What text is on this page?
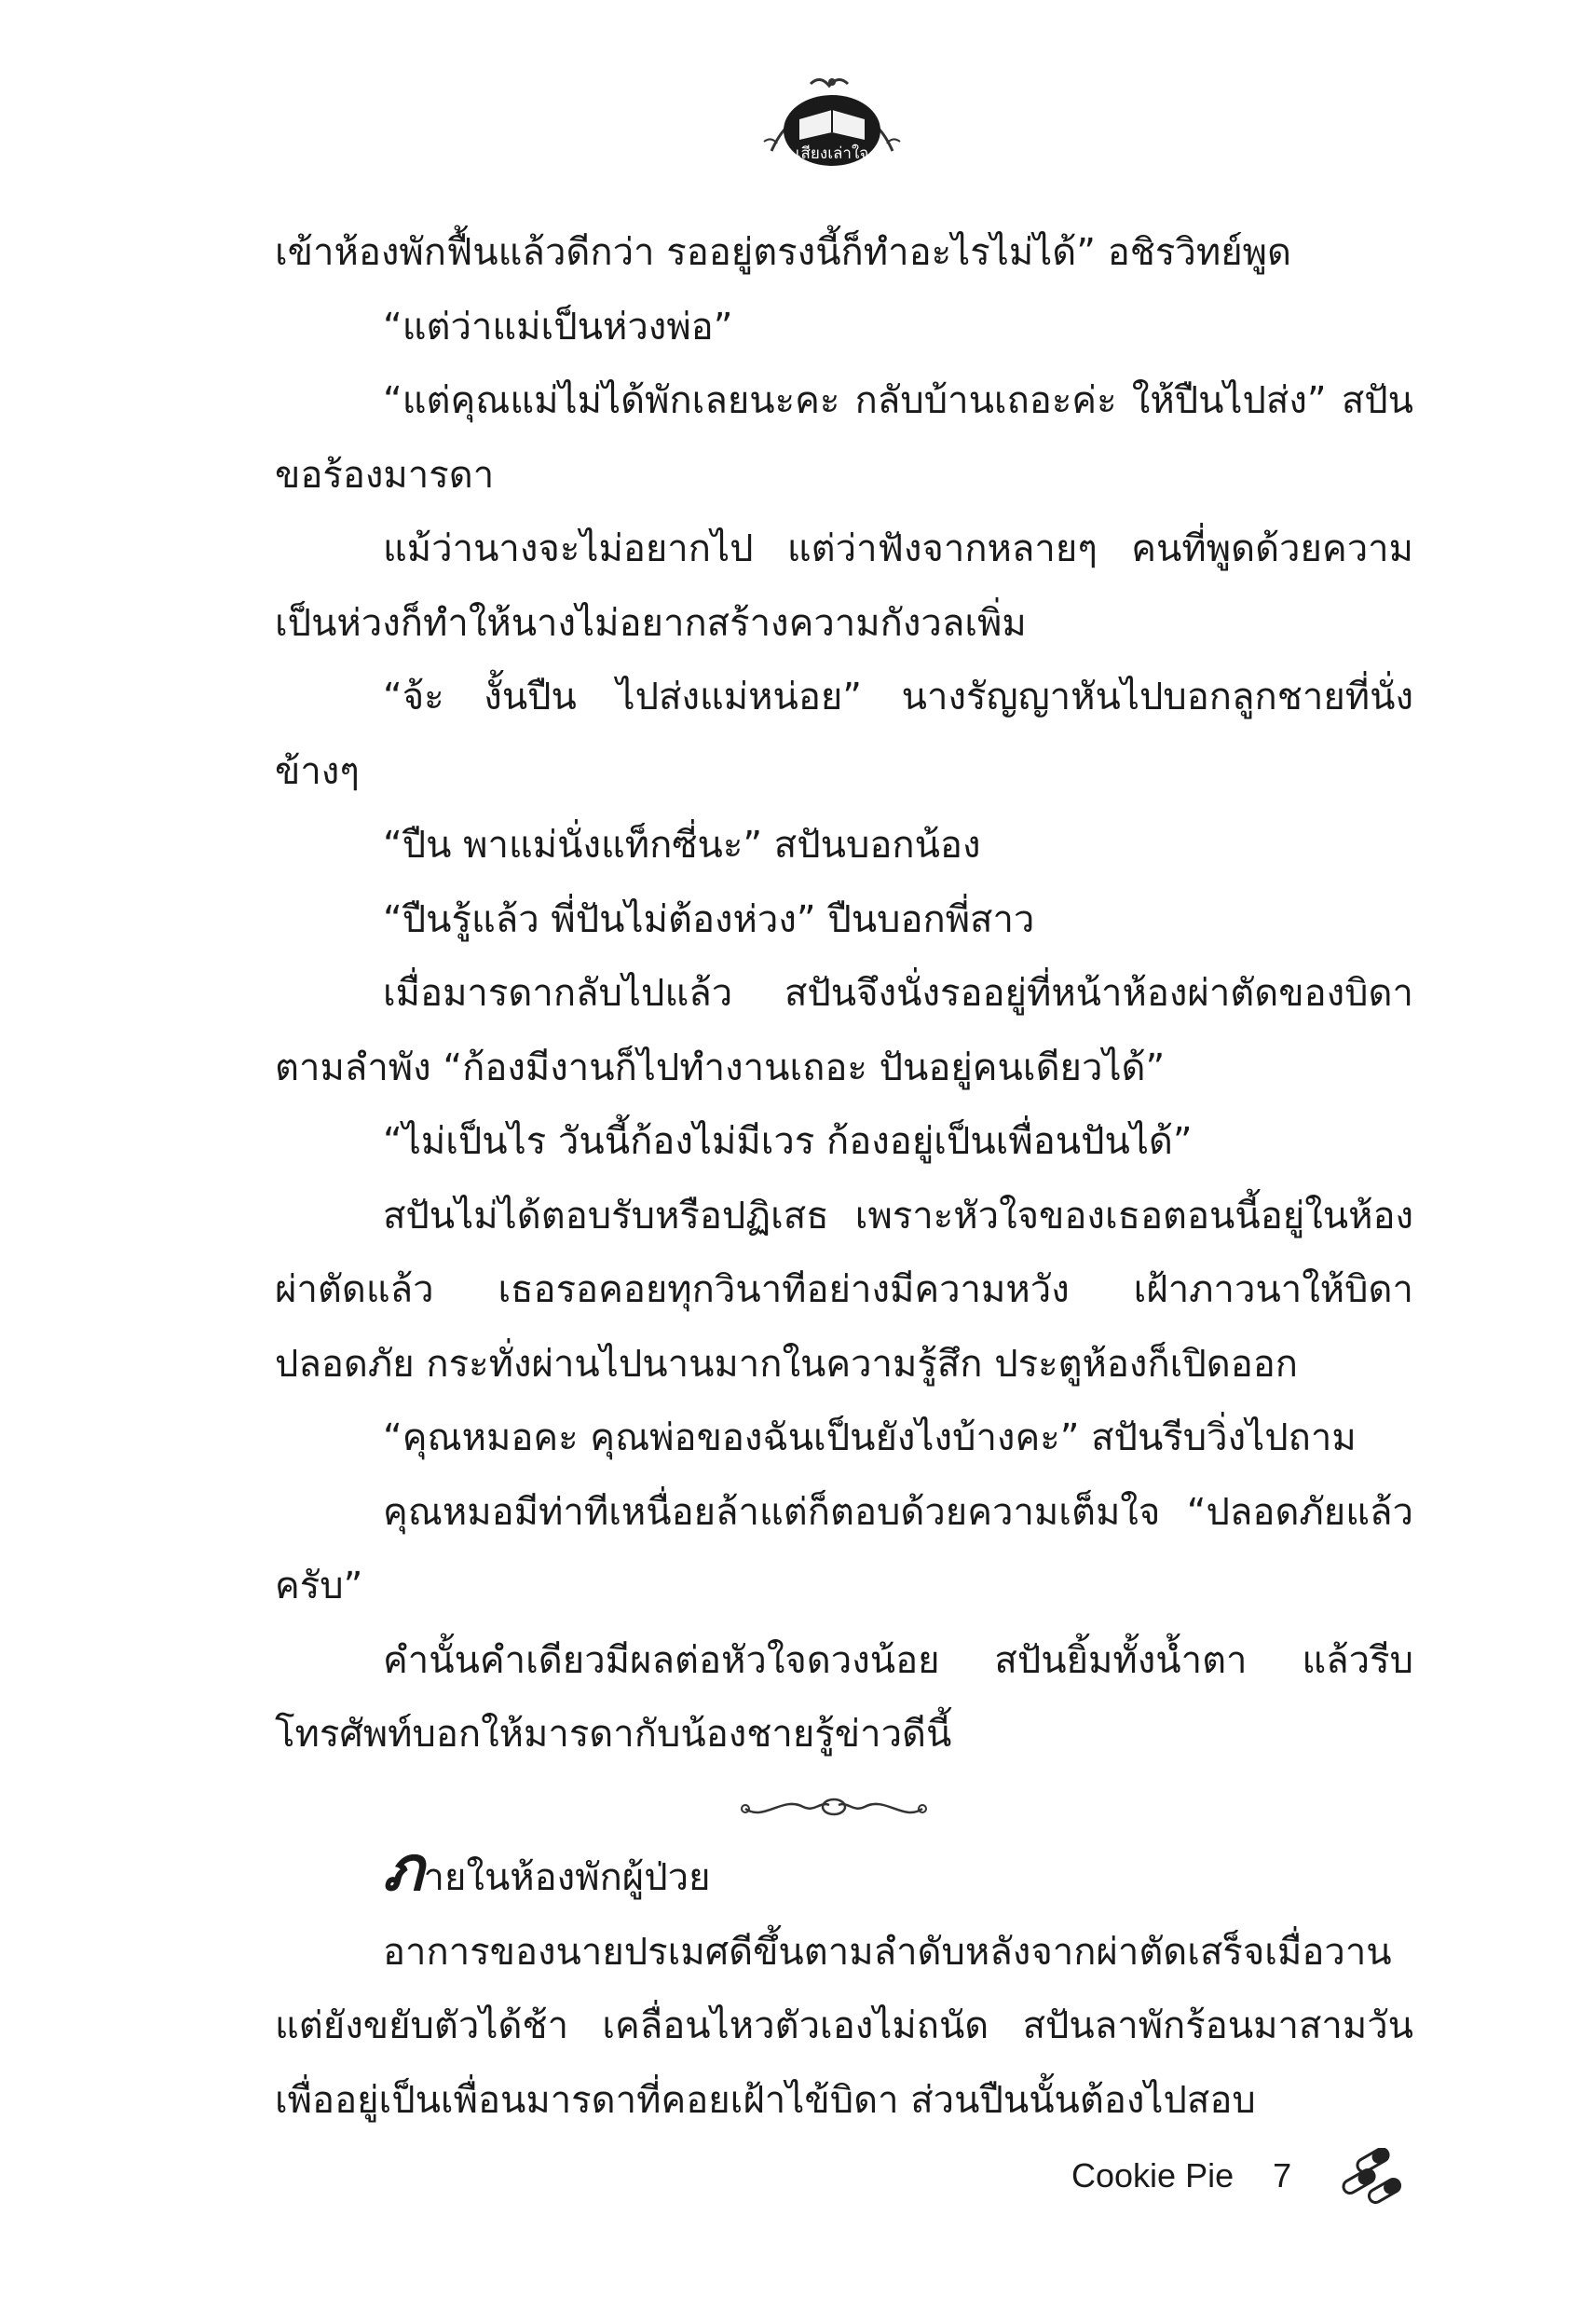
เสียงเล่าใจ

เข้าห้องพักฟื้นแล้วดีกว่า รออยู่ตรงนี้ก็ทำอะไรไม่ได้” อชิรวิทย์พูด

“แต่ว่าแม่เป็นห่วงพ่อ”

“แต่คุณแม่ไม่ได้พักเลยนะคะ กลับบ้านเถอะค่ะ ให้ปืนไปส่ง” สปันขอร้องมารดา

แม้ว่านางจะไม่อยากไป แต่ว่าฟังจากหลายๆ คนที่พูดด้วยความเป็นห่วงก็ทำให้นางไม่อยากสร้างความกังวลเพิ่ม

“จ้ะ งั้นปืน ไปส่งแม่หน่อย” นางรัญญาหันไปบอกลูกชายที่นั่งข้างๆ

“ปืน พาแม่นั่งแท็กซี่นะ” สปันบอกน้อง

“ปืนรู้แล้ว พี่ปันไม่ต้องห่วง” ปืนบอกพี่สาว

เมื่อมารดากลับไปแล้ว สปันจึงนั่งรออยู่ที่หน้าห้องผ่าตัดของบิดาตามลำพัง “ก้องมีงานก็ไปทำงานเถอะ ปันอยู่คนเดียวได้”

“ไม่เป็นไร วันนี้ก้องไม่มีเวร ก้องอยู่เป็นเพื่อนปันได้”

สปันไม่ได้ตอบรับหรือปฏิเสธ เพราะหัวใจของเธอตอนนี้อยู่ในห้องผ่าตัดแล้ว เธอรอคอยทุกวินาทีอย่างมีความหวัง เฝ้าภาวนาให้บิดาปลอดภัย กระทั่งผ่านไปนานมากในความรู้สึก ประตูห้องก็เปิดออก

“คุณหมอคะ คุณพ่อของฉันเป็นยังไงบ้างคะ” สปันรีบวิ่งไปถาม

คุณหมอมีท่าทีเหนื่อยล้าแต่ก็ตอบด้วยความเต็มใจ “ปลอดภัยแล้วครับ”

คำนั้นคำเดียวมีผลต่อหัวใจดวงน้อย สปันยิ้มทั้งน้ำตา แล้วรีบโทรศัพท์บอกให้มารดากับน้องชายรู้ข่าวดีนี้

ภายในห้องพักผู้ป่วย

อาการของนายปรเมศดีขึ้นตามลำดับหลังจากผ่าตัดเสร็จเมื่อวานแต่ยังขยับตัวได้ช้า เคลื่อนไหวตัวเองไม่ถนัด สปันลาพักร้อนมาสามวันเพื่ออยู่เป็นเพื่อนมารดาที่คอยเฝ้าไข้บิดา ส่วนปืนนั้นต้องไปสอบ

Cookie Pie 7
